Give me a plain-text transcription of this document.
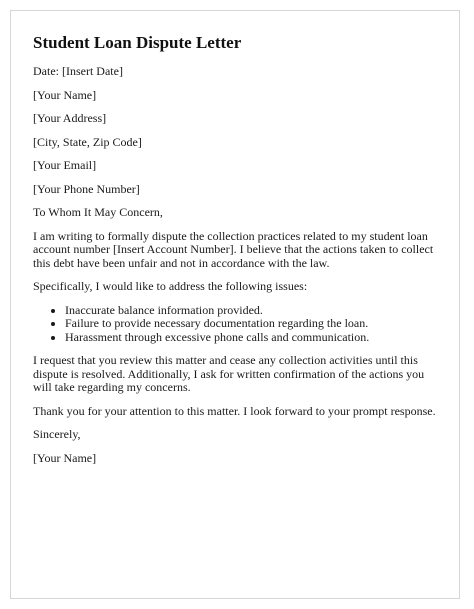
Student Loan Dispute Letter

Date: [Insert Date]

[Your Name]

[Your Address]

[City, State, Zip Code]

[Your Email]

[Your Phone Number]

To Whom It May Concern,

I am writing to formally dispute the collection practices related to my student loan account number [Insert Account Number]. I believe that the actions taken to collect this debt have been unfair and not in accordance with the law.

Specifically, I would like to address the following issues:

• Inaccurate balance information provided.
• Failure to provide necessary documentation regarding the loan.
• Harassment through excessive phone calls and communication.

I request that you review this matter and cease any collection activities until this dispute is resolved. Additionally, I ask for written confirmation of the actions you will take regarding my concerns.

Thank you for your attention to this matter. I look forward to your prompt response.

Sincerely,

[Your Name]
